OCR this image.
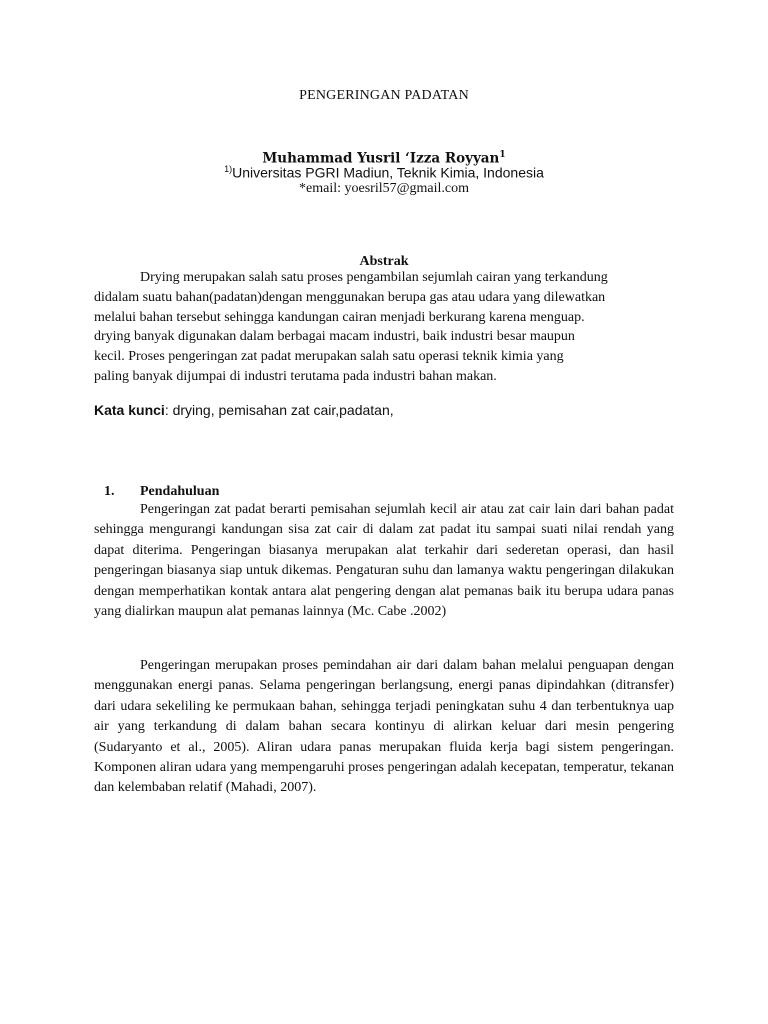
PENGERINGAN PADATAN
Muhammad Yusril ‘Izza Royyan$^1$
$^{1)}$Universitas PGRI Madiun, Teknik Kimia, Indonesia
*email: yoesril57@gmail.com
Abstrak
Drying merupakan salah satu proses pengambilan sejumlah cairan yang terkandung
didalam suatu bahan(padatan)dengan menggunakan berupa gas atau udara yang dilewatkan
melalui bahan tersebut sehingga kandungan cairan menjadi berkurang karena menguap.
drying banyak digunakan dalam berbagai macam industri, baik industri besar maupun
kecil. Proses pengeringan zat padat merupakan salah satu operasi teknik kimia yang
paling banyak dijumpai di industri terutama pada industri bahan makan.
Kata kunci: drying, pemisahan zat cair,padatan,
1. Pendahuluan
Pengeringan zat padat berarti pemisahan sejumlah kecil air atau zat cair lain dari bahan padat sehingga mengurangi kandungan sisa zat cair di dalam zat padat itu sampai suati nilai rendah yang dapat diterima. Pengeringan biasanya merupakan alat terkahir dari sederetan operasi, dan hasil pengeringan biasanya siap untuk dikemas. Pengaturan suhu dan lamanya waktu pengeringan dilakukan dengan memperhatikan kontak antara alat pengering dengan alat pemanas baik itu berupa udara panas yang dialirkan maupun alat pemanas lainnya (Mc. Cabe .2002)
Pengeringan merupakan proses pemindahan air dari dalam bahan melalui penguapan dengan menggunakan energi panas. Selama pengeringan berlangsung, energi panas dipindahkan (ditransfer) dari udara sekeliling ke permukaan bahan, sehingga terjadi peningkatan suhu 4 dan terbentuknya uap air yang terkandung di dalam bahan secara kontinyu di alirkan keluar dari mesin pengering (Sudaryanto et al., 2005). Aliran udara panas merupakan fluida kerja bagi sistem pengeringan. Komponen aliran udara yang mempengaruhi proses pengeringan adalah kecepatan, temperatur, tekanan dan kelembaban relatif (Mahadi, 2007).
